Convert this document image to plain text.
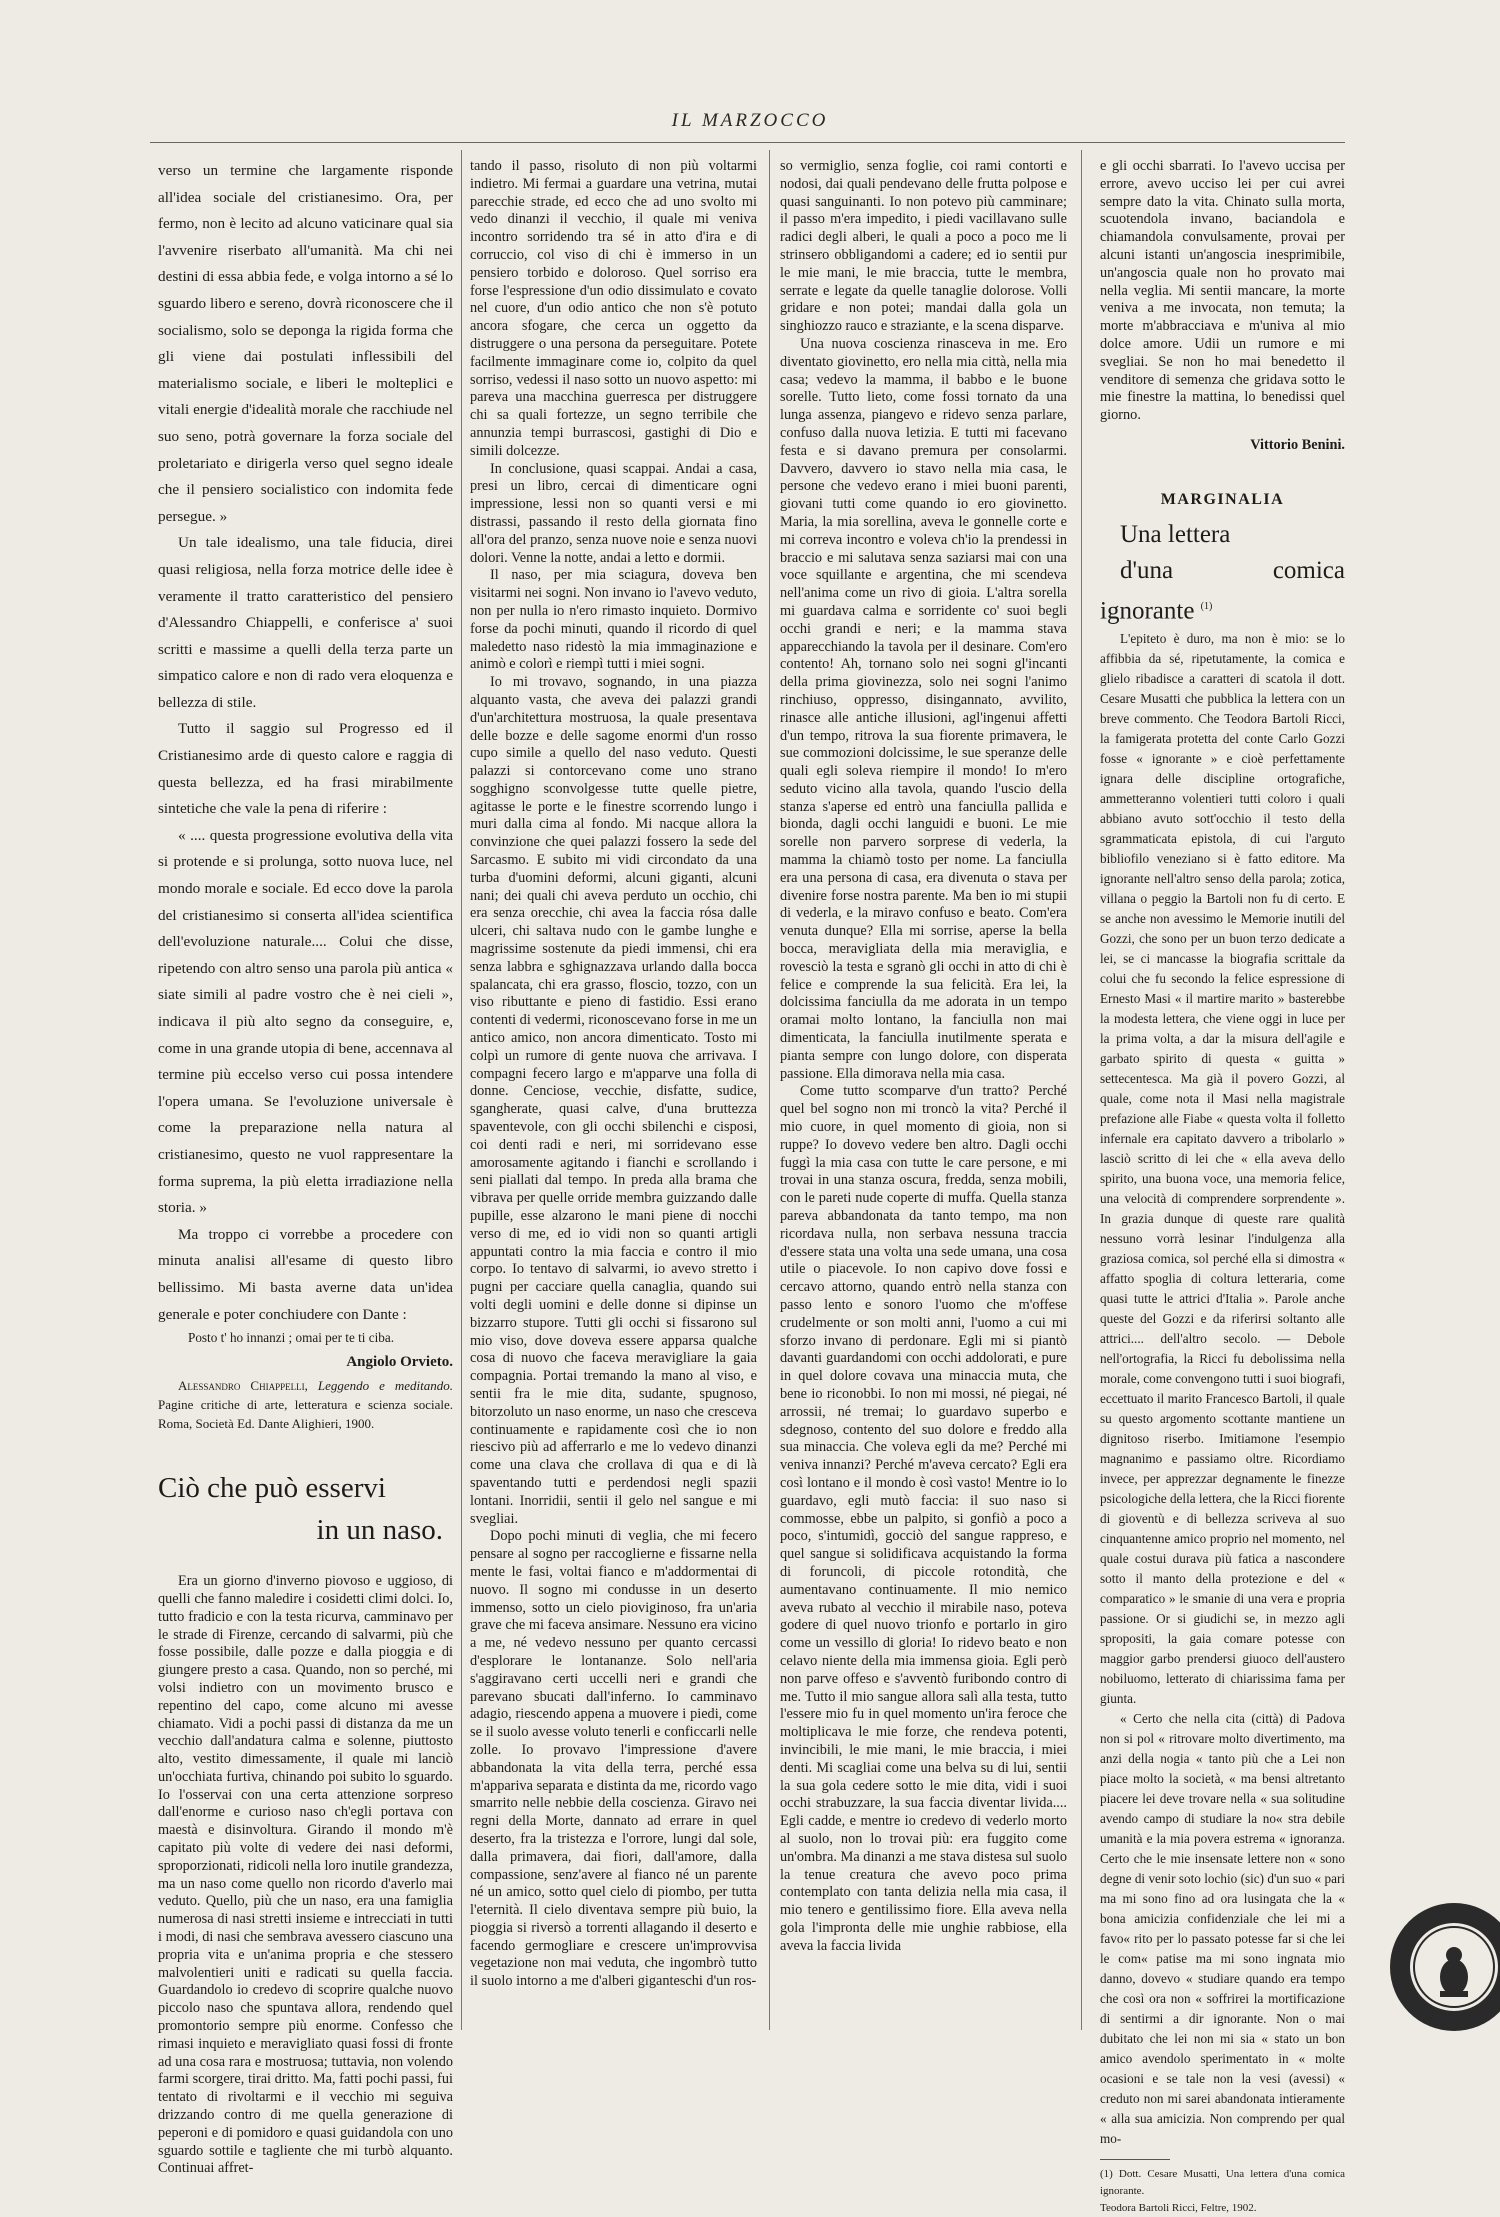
IL MARZOCCO

verso un termine che largamente risponde all'idea sociale del cristianesimo. Ora, per fermo, non è lecito ad alcuno vaticinare qual sia l'avvenire riserbato all'umanità. Ma chi nei destini di essa abbia fede, e volga intorno a sé lo sguardo libero e sereno, dovrà riconoscere che il socialismo, solo se deponga la rigida forma che gli viene dai postulati inflessibili del materialismo sociale, e liberi le molteplici e vitali energie d'idealità morale che racchiude nel suo seno, potrà governare la forza sociale del proletariato e dirigerla verso quel segno ideale che il pensiero socialistico con indomita fede persegue. »

Un tale idealismo, una tale fiducia, direi quasi religiosa, nella forza motrice delle idee è veramente il tratto caratteristico del pensiero d'Alessandro Chiappelli, e conferisce a' suoi scritti e massime a quelli della terza parte un simpatico calore e non di rado vera eloquenza e bellezza di stile.

Tutto il saggio sul Progresso ed il Cristianesimo arde di questo calore e raggia di questa bellezza, ed ha frasi mirabilmente sintetiche che vale la pena di riferire :

« .... questa progressione evolutiva della vita si protende e si prolunga, sotto nuova luce, nel mondo morale e sociale. Ed ecco dove la parola del cristianesimo si conserta all'idea scientifica dell'evoluzione naturale.... Colui che disse, ripetendo con altro senso una parola più antica « siate simili al padre vostro che è nei cieli », indicava il più alto segno da conseguire, e, come in una grande utopia di bene, accennava al termine più eccelso verso cui possa intendere l'opera umana. Se l'evoluzione universale è come la preparazione nella natura al cristianesimo, questo ne vuol rappresentare la forma suprema, la più eletta irradiazione nella storia. »

Ma troppo ci vorrebbe a procedere con minuta analisi all'esame di questo libro bellissimo. Mi basta averne data un'idea generale e poter conchiudere con Dante :

Posto t' ho innanzi ; omai per te ti ciba.

Angiolo Orvieto.

Alessandro Chiappelli, Leggendo e meditando. Pagine critiche di arte, letteratura e scienza sociale. Roma, Società Ed. Dante Alighieri, 1900.

Ciò che può esservi
in un naso.

Era un giorno d'inverno piovoso e uggioso, di quelli che fanno maledire i cosidetti climi dolci. Io, tutto fradicio e con la testa ricurva, camminavo per le strade di Firenze, cercando di salvarmi, più che fosse possibile, dalle pozze e dalla pioggia e di giungere presto a casa. Quando, non so perché, mi volsi indietro con un movimento brusco e repentino del capo, come alcuno mi avesse chiamato. Vidi a pochi passi di distanza da me un vecchio dall'andatura calma e solenne, piuttosto alto, vestito dimessamente, il quale mi lanciò un'occhiata furtiva, chinando poi subito lo sguardo. Io l'osservai con una certa attenzione sorpreso dall'enorme e curioso naso ch'egli portava con maestà e disinvoltura. Girando il mondo m'è capitato più volte di vedere dei nasi deformi, sproporzionati, ridicoli nella loro inutile grandezza, ma un naso come quello non ricordo d'averlo mai veduto. Quello, più che un naso, era una famiglia numerosa di nasi stretti insieme e intrecciati in tutti i modi, di nasi che sembrava avessero ciascuno una propria vita e un'anima propria e che stessero malvolentieri uniti e radicati su quella faccia. Guardandolo io credevo di scoprire qualche nuovo piccolo naso che spuntava allora, rendendo quel promontorio sempre più enorme. Confesso che rimasi inquieto e meravigliato quasi fossi di fronte ad una cosa rara e mostruosa; tuttavia, non volendo farmi scorgere, tirai dritto. Ma, fatti pochi passi, fui tentato di rivoltarmi e il vecchio mi seguiva drizzando contro di me quella generazione di peperoni e di pomidoro e quasi guidandola con uno sguardo sottile e tagliente che mi turbò alquanto. Continuai affret-

tando il passo, risoluto di non più voltarmi indietro. Mi fermai a guardare una vetrina, mutai parecchie strade, ed ecco che ad uno svolto mi vedo dinanzi il vecchio, il quale mi veniva incontro sorridendo tra sé in atto d'ira e di corruccio, col viso di chi è immerso in un pensiero torbido e doloroso. Quel sorriso era forse l'espressione d'un odio dissimulato e covato nel cuore, d'un odio antico che non s'è potuto ancora sfogare, che cerca un oggetto da distruggere o una persona da perseguitare. Potete facilmente immaginare come io, colpito da quel sorriso, vedessi il naso sotto un nuovo aspetto: mi pareva una macchina guerresca per distruggere chi sa quali fortezze, un segno terribile che annunzia tempi burrascosi, gastighi di Dio e simili dolcezze.

In conclusione, quasi scappai. Andai a casa, presi un libro, cercai di dimenticare ogni impressione, lessi non so quanti versi e mi distrassi, passando il resto della giornata fino all'ora del pranzo, senza nuove noie e senza nuovi dolori. Venne la notte, andai a letto e dormii.

Il naso, per mia sciagura, doveva ben visitarmi nei sogni. Non invano io l'avevo veduto, non per nulla io n'ero rimasto inquieto. Dormivo forse da pochi minuti, quando il ricordo di quel maledetto naso ridestò la mia immaginazione e animò e colorì e riempì tutti i miei sogni.

Io mi trovavo, sognando, in una piazza alquanto vasta, che aveva dei palazzi grandi d'un'architettura mostruosa, la quale presentava delle bozze e delle sagome enormi d'un rosso cupo simile a quello del naso veduto. Questi palazzi si contorcevano come uno strano sogghigno sconvolgesse tutte quelle pietre, agitasse le porte e le finestre scorrendo lungo i muri dalla cima al fondo. Mi nacque allora la convinzione che quei palazzi fossero la sede del Sarcasmo. E subito mi vidi circondato da una turba d'uomini deformi, alcuni giganti, alcuni nani; dei quali chi aveva perduto un occhio, chi era senza orecchie, chi avea la faccia rósa dalle ulceri, chi saltava nudo con le gambe lunghe e magrissime sostenute da piedi immensi, chi era senza labbra e sghignazzava urlando dalla bocca spalancata, chi era grasso, floscio, tozzo, con un viso ributtante e pieno di fastidio. Essi erano contenti di vedermi, riconoscevano forse in me un antico amico, non ancora dimenticato. Tosto mi colpì un rumore di gente nuova che arrivava. I compagni fecero largo e m'apparve una folla di donne. Cenciose, vecchie, disfatte, sudice, sgangherate, quasi calve, d'una bruttezza spaventevole, con gli occhi sbilenchi e cisposi, coi denti radi e neri, mi sorridevano esse amorosamente agitando i fianchi e scrollando i seni piallati dal tempo. In preda alla brama che vibrava per quelle orride membra guizzando dalle pupille, esse alzarono le mani piene di nocchi verso di me, ed io vidi non so quanti artigli appuntati contro la mia faccia e contro il mio corpo. Io tentavo di salvarmi, io avevo stretto i pugni per cacciare quella canaglia, quando sui volti degli uomini e delle donne si dipinse un bizzarro stupore. Tutti gli occhi si fissarono sul mio viso, dove doveva essere apparsa qualche cosa di nuovo che faceva meravigliare la gaia compagnia. Portai tremando la mano al viso, e sentii fra le mie dita, sudante, spugnoso, bitorzoluto un naso enorme, un naso che cresceva continuamente e rapidamente così che io non riescivo più ad afferrarlo e me lo vedevo dinanzi come una clava che crollava di qua e di là spaventando tutti e perdendosi negli spazii lontani. Inorridii, sentii il gelo nel sangue e mi svegliai.

Dopo pochi minuti di veglia, che mi fecero pensare al sogno per raccoglierne e fissarne nella mente le fasi, voltai fianco e m'addormentai di nuovo. Il sogno mi condusse in un deserto immenso, sotto un cielo pioviginoso, fra un'aria grave che mi faceva ansimare. Nessuno era vicino a me, né vedevo nessuno per quanto cercassi d'esplorare le lontananze. Solo nell'aria s'aggiravano certi uccelli neri e grandi che parevano sbucati dall'inferno. Io camminavo adagio, riescendo appena a muovere i piedi, come se il suolo avesse voluto tenerli e conficcarli nelle zolle. Io provavo l'impressione d'avere abbandonata la vita della terra, perché essa m'appariva separata e distinta da me, ricordo vago smarrito nelle nebbie della coscienza. Giravo nei regni della Morte, dannato ad errare in quel deserto, fra la tristezza e l'orrore, lungi dal sole, dalla primavera, dai fiori, dall'amore, dalla compassione, senz'avere al fianco né un parente né un amico, sotto quel cielo di piombo, per tutta l'eternità. Il cielo diventava sempre più buio, la pioggia si riversò a torrenti allagando il deserto e facendo germogliare e crescere un'improvvisa vegetazione non mai veduta, che ingombrò tutto il suolo intorno a me d'alberi giganteschi d'un ros-

so vermiglio, senza foglie, coi rami contorti e nodosi, dai quali pendevano delle frutta polpose e quasi sanguinanti. Io non potevo più camminare; il passo m'era impedito, i piedi vacillavano sulle radici degli alberi, le quali a poco a poco me li strinsero obbligandomi a cadere; ed io sentii pur le mie mani, le mie braccia, tutte le membra, serrate e legate da quelle tanaglie dolorose. Volli gridare e non potei; mandai dalla gola un singhiozzo rauco e straziante, e la scena disparve.

Una nuova coscienza rinasceva in me. Ero diventato giovinetto, ero nella mia città, nella mia casa; vedevo la mamma, il babbo e le buone sorelle. Tutto lieto, come fossi tornato da una lunga assenza, piangevo e ridevo senza parlare, confuso dalla nuova letizia. E tutti mi facevano festa e si davano premura per consolarmi. Davvero, davvero io stavo nella mia casa, le persone che vedevo erano i miei buoni parenti, giovani tutti come quando io ero giovinetto. Maria, la mia sorellina, aveva le gonnelle corte e mi correva incontro e voleva ch'io la prendessi in braccio e mi salutava senza saziarsi mai con una voce squillante e argentina, che mi scendeva nell'anima come un rivo di gioia. L'altra sorella mi guardava calma e sorridente co' suoi begli occhi grandi e neri; e la mamma stava apparecchiando la tavola per il desinare. Com'ero contento! Ah, tornano solo nei sogni gl'incanti della prima giovinezza, solo nei sogni l'animo rinchiuso, oppresso, disingannato, avvilito, rinasce alle antiche illusioni, agl'ingenui affetti d'un tempo, ritrova la sua fiorente primavera, le sue commozioni dolcissime, le sue speranze delle quali egli soleva riempire il mondo! Io m'ero seduto vicino alla tavola, quando l'uscio della stanza s'aperse ed entrò una fanciulla pallida e bionda, dagli occhi languidi e buoni. Le mie sorelle non parvero sorprese di vederla, la mamma la chiamò tosto per nome. La fanciulla era una persona di casa, era divenuta o stava per divenire forse nostra parente. Ma ben io mi stupii di vederla, e la miravo confuso e beato. Com'era venuta dunque? Ella mi sorrise, aperse la bella bocca, meravigliata della mia meraviglia, e rovesciò la testa e sgranò gli occhi in atto di chi è felice e comprende la sua felicità. Era lei, la dolcissima fanciulla da me adorata in un tempo oramai molto lontano, la fanciulla non mai dimenticata, la fanciulla inutilmente sperata e pianta sempre con lungo dolore, con disperata passione. Ella dimorava nella mia casa.

Come tutto scomparve d'un tratto? Perché quel bel sogno non mi troncò la vita? Perché il mio cuore, in quel momento di gioia, non si ruppe? Io dovevo vedere ben altro. Dagli occhi fuggì la mia casa con tutte le care persone, e mi trovai in una stanza oscura, fredda, senza mobili, con le pareti nude coperte di muffa. Quella stanza pareva abbandonata da tanto tempo, ma non ricordava nulla, non serbava nessuna traccia d'essere stata una volta una sede umana, una cosa utile o piacevole. Io non capivo dove fossi e cercavo attorno, quando entrò nella stanza con passo lento e sonoro l'uomo che m'offese crudelmente or son molti anni, l'uomo a cui mi sforzo invano di perdonare. Egli mi si piantò davanti guardandomi con occhi addolorati, e pure in quel dolore covava una minaccia muta, che bene io riconobbi. Io non mi mossi, né piegai, né arrossii, né tremai; lo guardavo superbo e sdegnoso, contento del suo dolore e freddo alla sua minaccia. Che voleva egli da me? Perché mi veniva innanzi? Perché m'aveva cercato? Egli era così lontano e il mondo è così vasto! Mentre io lo guardavo, egli mutò faccia: il suo naso si commosse, ebbe un palpito, si gonfiò a poco a poco, s'intumidì, gocciò del sangue rappreso, e quel sangue si solidificava acquistando la forma di foruncoli, di piccole rotondità, che aumentavano continuamente. Il mio nemico aveva rubato al vecchio il mirabile naso, poteva godere di quel nuovo trionfo e portarlo in giro come un vessillo di gloria! Io ridevo beato e non celavo niente della mia immensa gioia. Egli però non parve offeso e s'avventò furibondo contro di me. Tutto il mio sangue allora salì alla testa, tutto l'essere mio fu in quel momento un'ira feroce che moltiplicava le mie forze, che rendeva potenti, invincibili, le mie mani, le mie braccia, i miei denti. Mi scagliai come una belva su di lui, sentii la sua gola cedere sotto le mie dita, vidi i suoi occhi strabuzzare, la sua faccia diventar livida.... Egli cadde, e mentre io credevo di vederlo morto al suolo, non lo trovai più: era fuggito come un'ombra. Ma dinanzi a me stava distesa sul suolo la tenue creatura che avevo poco prima contemplato con tanta delizia nella mia casa, il mio tenero e gentilissimo fiore. Ella aveva nella gola l'impronta delle mie unghie rabbiose, ella aveva la faccia livida

e gli occhi sbarrati. Io l'avevo uccisa per errore, avevo ucciso lei per cui avrei sempre dato la vita. Chinato sulla morta, scuotendola invano, baciandola e chiamandola convulsamente, provai per alcuni istanti un'angoscia inesprimibile, un'angoscia quale non ho provato mai nella veglia. Mi sentii mancare, la morte veniva a me invocata, non temuta; la morte m'abbracciava e m'univa al mio dolce amore. Udii un rumore e mi svegliai. Se non ho mai benedetto il venditore di semenza che gridava sotto le mie finestre la mattina, lo benedissi quel giorno.

Vittorio Benini.

MARGINALIA

Una lettera

d'una comica ignorante $^{(1)}$

L'epiteto è duro, ma non è mio: se lo affibbia da sé, ripetutamente, la comica e glielo ribadisce a caratteri di scatola il dott. Cesare Musatti che pubblica la lettera con un breve commento. Che Teodora Bartoli Ricci, la famigerata protetta del conte Carlo Gozzi fosse « ignorante » e cioè perfettamente ignara delle discipline ortografiche, ammetteranno volentieri tutti coloro i quali abbiano avuto sott'occhio il testo della sgrammaticata epistola, di cui l'arguto bibliofilo veneziano si è fatto editore. Ma ignorante nell'altro senso della parola; zotica, villana o peggio la Bartoli non fu di certo. E se anche non avessimo le Memorie inutili del Gozzi, che sono per un buon terzo dedicate a lei, se ci mancasse la biografia scrittale da colui che fu secondo la felice espressione di Ernesto Masi « il martire marito » basterebbe la modesta lettera, che viene oggi in luce per la prima volta, a dar la misura dell'agile e garbato spirito di questa « guitta » settecentesca. Ma già il povero Gozzi, al quale, come nota il Masi nella magistrale prefazione alle Fiabe « questa volta il folletto infernale era capitato davvero a tribolarlo » lasciò scritto di lei che « ella aveva dello spirito, una buona voce, una memoria felice, una velocità di comprendere sorprendente ». In grazia dunque di queste rare qualità nessuno vorrà lesinar l'indulgenza alla graziosa comica, sol perché ella si dimostra « affatto spoglia di coltura letteraria, come quasi tutte le attrici d'Italia ». Parole anche queste del Gozzi e da riferirsi soltanto alle attrici.... dell'altro secolo. — Debole nell'ortografia, la Ricci fu debolissima nella morale, come convengono tutti i suoi biografi, eccettuato il marito Francesco Bartoli, il quale su questo argomento scottante mantiene un dignitoso riserbo. Imitiamone l'esempio magnanimo e passiamo oltre. Ricordiamo invece, per apprezzar degnamente le finezze psicologiche della lettera, che la Ricci fiorente di gioventù e di bellezza scriveva al suo cinquantenne amico proprio nel momento, nel quale costui durava più fatica a nascondere sotto il manto della protezione e del « comparatico » le smanie di una vera e propria passione. Or si giudichi se, in mezzo agli spropositi, la gaia comare potesse con maggior garbo prendersi giuoco dell'austero nobiluomo, letterato di chiarissima fama per giunta.

« Certo che nella cita (città) di Padova non si pol « ritrovare molto divertimento, ma anzi della nogia « tanto più che a Lei non piace molto la società, « ma bensi altretanto piacere lei deve trovare nella « sua solitudine avendo campo di studiare la no« stra debile umanità e la mia povera estrema « ignoranza. Certo che le mie insensate lettere non « sono degne di venir soto lochio (sic) d'un suo « pari ma mi sono fino ad ora lusingata che la « bona amicizia confidenziale che lei mi a favo« rito per lo passato potesse far si che lei le com« patise ma mi sono ingnata mio danno, dovevo « studiare quando era tempo che così ora non « soffrirei la mortificazione di sentirmi a dir ignorante. Non o mai dubitato che lei non mi sia « stato un bon amico avendolo sperimentato in « molte ocasioni e se tale non la vesi (avessi) « creduto non mi sarei abandonata intieramente « alla sua amicizia. Non comprendo per qual mo-

(1) Dott. Cesare Musatti, Una lettera d'una comica ignorante.

Teodora Bartoli Ricci, Feltre, 1902.
